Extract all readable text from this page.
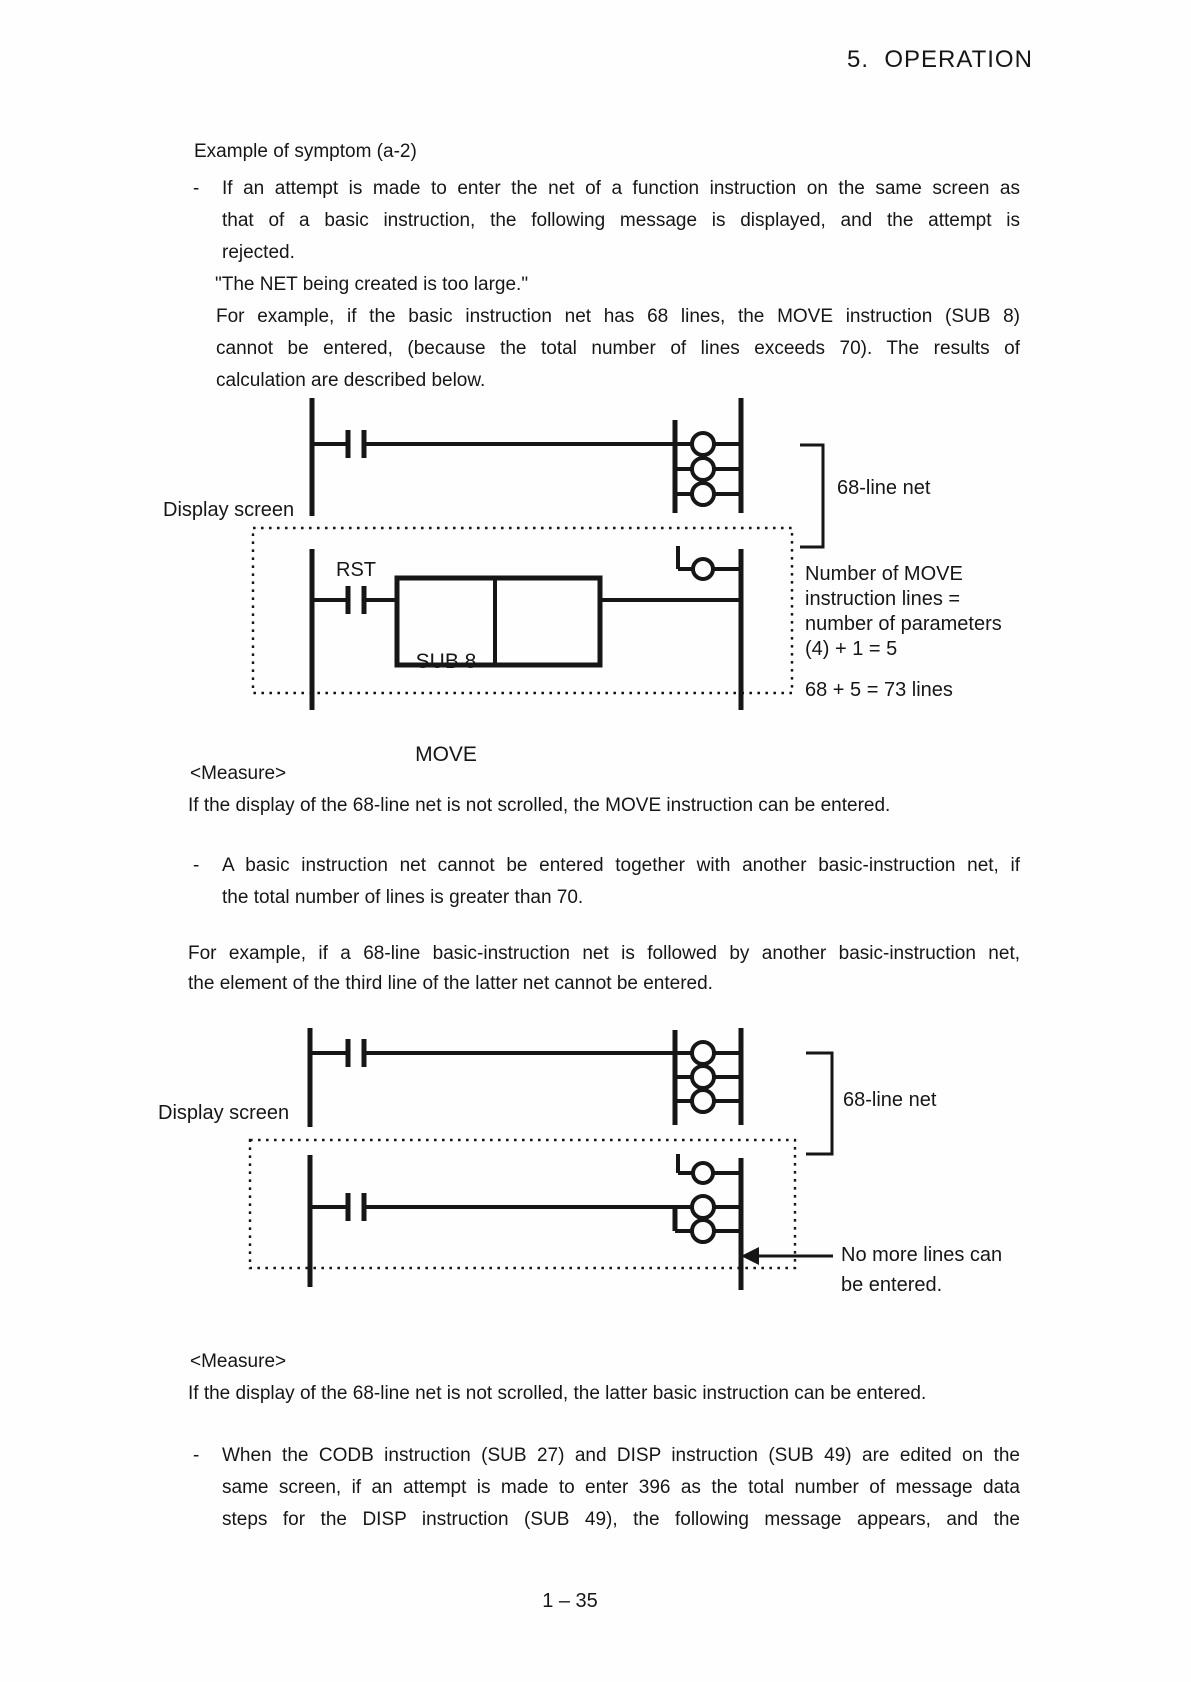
5.  OPERATION
Example of symptom (a-2)
- If an attempt is made to enter the net of a function instruction on the same screen as
that of a basic instruction, the following message is displayed, and the attempt is
rejected.
"The NET being created is too large."
For example, if the basic instruction net has 68 lines, the MOVE instruction (SUB 8)
cannot be entered, (because the total number of lines exceeds 70). The results of
calculation are described below.
Display screen
68-line net
RST

SUB 8

MOVE

Number of MOVE
instruction lines =
number of parameters
(4) + 1 = 5
68 + 5 = 73 lines
<Measure>
If the display of the 68-line net is not scrolled, the MOVE instruction can be entered.
- A basic instruction net cannot be entered together with another basic-instruction net, if
the total number of lines is greater than 70.
For example, if a 68-line basic-instruction net is followed by another basic-instruction net,
the element of the third line of the latter net cannot be entered.
Display screen
68-line net
No more lines can
be entered.
<Measure>
If the display of the 68-line net is not scrolled, the latter basic instruction can be entered.
- When the CODB instruction (SUB 27) and DISP instruction (SUB 49) are edited on the
same screen, if an attempt is made to enter 396 as the total number of message data
steps for the DISP instruction (SUB 49), the following message appears, and the
1 – 35
